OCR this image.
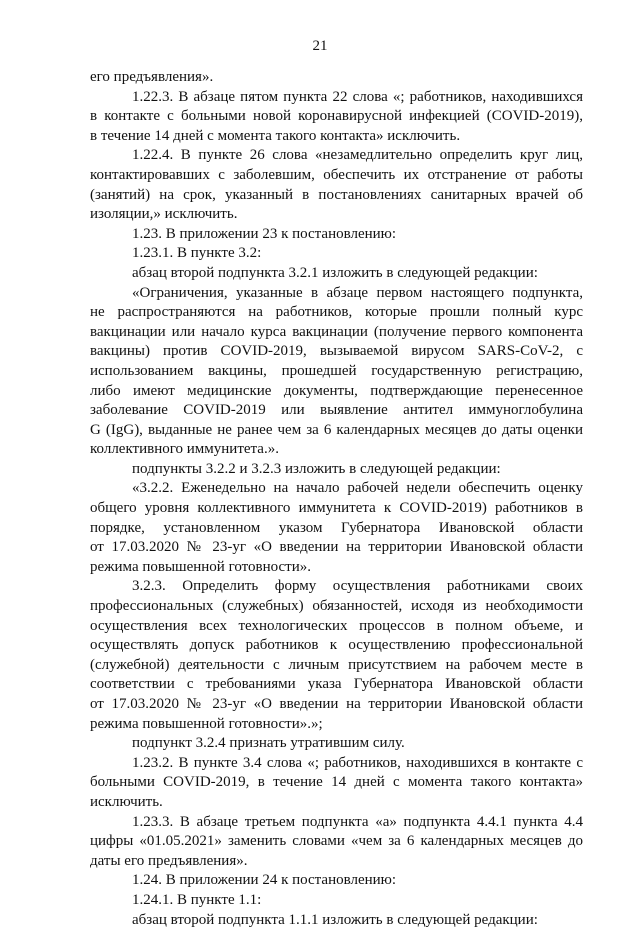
21
его предъявления».
1.22.3. В абзаце пятом пункта 22 слова «; работников, находившихся
в контакте с больными новой коронавирусной инфекцией (COVID-2019),
в течение 14 дней с момента такого контакта» исключить.
1.22.4. В пункте 26 слова «незамедлительно определить круг лиц,
контактировавших с заболевшим, обеспечить их отстранение от работы
(занятий) на срок, указанный в постановлениях санитарных врачей об
изоляции,» исключить.
1.23. В приложении 23 к постановлению:
1.23.1. В пункте 3.2:
абзац второй подпункта 3.2.1 изложить в следующей редакции:
«Ограничения, указанные в абзаце первом настоящего подпункта,
не распространяются на работников, которые прошли полный курс
вакцинации или начало курса вакцинации (получение первого компонента
вакцины) против COVID-2019, вызываемой вирусом SARS-CoV-2, с
использованием вакцины, прошедшей государственную регистрацию,
либо имеют медицинские документы, подтверждающие перенесенное
заболевание COVID-2019 или выявление антител иммуноглобулина
G (IgG), выданные не ранее чем за 6 календарных месяцев до даты оценки
коллективного иммунитета.».
подпункты 3.2.2 и 3.2.3 изложить в следующей редакции:
«3.2.2. Еженедельно на начало рабочей недели обеспечить оценку
общего уровня коллективного иммунитета к COVID-2019) работников в
порядке, установленном указом Губернатора Ивановской области
от 17.03.2020 № 23-уг «О введении на территории Ивановской области
режима повышенной готовности».
3.2.3. Определить форму осуществления работниками своих
профессиональных (служебных) обязанностей, исходя из необходимости
осуществления всех технологических процессов в полном объеме, и
осуществлять допуск работников к осуществлению профессиональной
(служебной) деятельности с личным присутствием на рабочем месте в
соответствии с требованиями указа Губернатора Ивановской области
от 17.03.2020 № 23-уг «О введении на территории Ивановской области
режима повышенной готовности».»;
подпункт 3.2.4 признать утратившим силу.
1.23.2. В пункте 3.4 слова «; работников, находившихся в контакте с
больными COVID-2019, в течение 14 дней с момента такого контакта»
исключить.
1.23.3. В абзаце третьем подпункта «а» подпункта 4.4.1 пункта 4.4
цифры «01.05.2021» заменить словами «чем за 6 календарных месяцев до
даты его предъявления».
1.24. В приложении 24 к постановлению:
1.24.1. В пункте 1.1:
абзац второй подпункта 1.1.1 изложить в следующей редакции:
